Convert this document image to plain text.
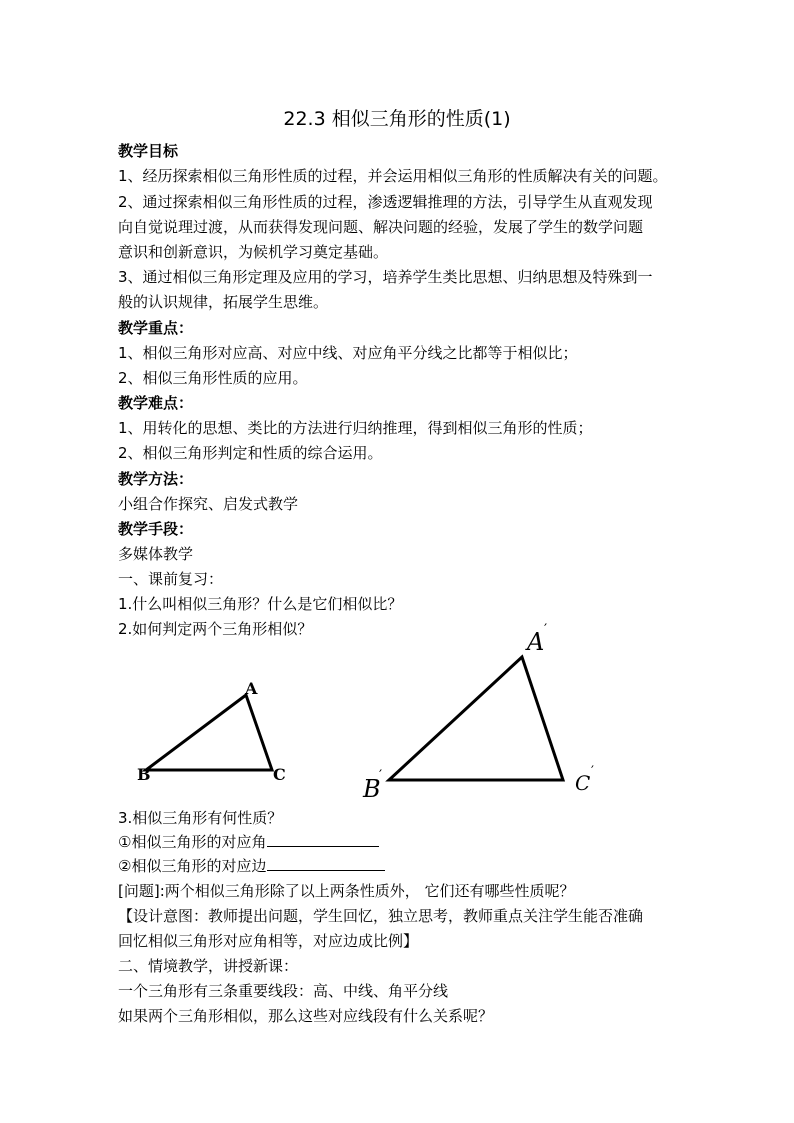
22.3 相似三角形的性质(1)
教学目标
1、经历探索相似三角形性质的过程，并会运用相似三角形的性质解决有关的问题。
2、通过探索相似三角形性质的过程，渗透逻辑推理的方法，引导学生从直观发现
向自觉说理过渡，从而获得发现问题、解决问题的经验，发展了学生的数学问题
意识和创新意识，为候机学习奠定基础。
3、通过相似三角形定理及应用的学习，培养学生类比思想、归纳思想及特殊到一
般的认识规律，拓展学生思维。
教学重点：
1、相似三角形对应高、对应中线、对应角平分线之比都等于相似比；
2、相似三角形性质的应用。
教学难点：
1、用转化的思想、类比的方法进行归纳推理，得到相似三角形的性质；
2、相似三角形判定和性质的综合运用。
教学方法：
小组合作探究、启发式教学
教学手段：
多媒体教学
一、课前复习：
1.什么叫相似三角形？什么是它们相似比？
2.如何判定两个三角形相似？
A
B	C
A ′
B
′	C ′
3.相似三角形有何性质？
①相似三角形的对应角
②相似三角形的对应边
[问题]:两个相似三角形除了以上两条性质外， 它们还有哪些性质呢？
【设计意图：教师提出问题，学生回忆，独立思考，教师重点关注学生能否准确
回忆相似三角形对应角相等，对应边成比例】
二、情境教学，讲授新课：
一个三角形有三条重要线段：高、中线、角平分线
如果两个三角形相似，那么这些对应线段有什么关系呢？
